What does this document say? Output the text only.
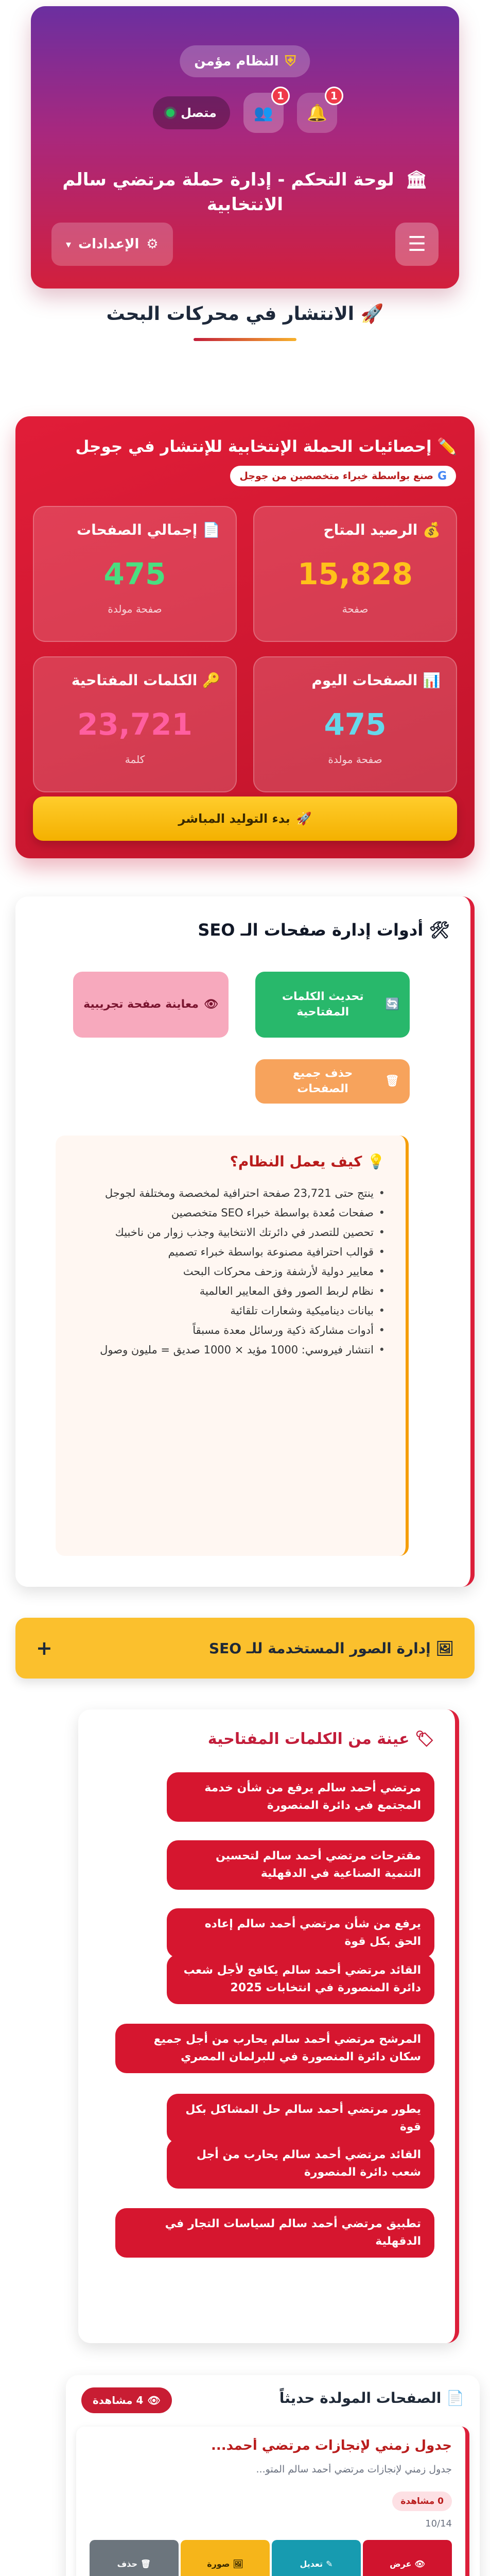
⛨
النظام مؤمن
🔔
1
👥
1
متصل
🏛 لوحة التحكم - إدارة حملة مرتضي سالم الانتخابية
⚙
الإعدادات
▾	☰
🚀 الانتشار في محركات البحث
✏️ إحصائيات الحملة الإنتخابية للإنتشار في جوجل
G
صنع بواسطة خبراء متخصصين من جوجل
💰 الرصيد المتاح
15,828
صفحة
📄 إجمالي الصفحات
475
صفحة مولدة
📊 الصفحات اليوم
475
صفحة مولدة
🔑 الكلمات المفتاحية
23,721
كلمة
🚀
بدء التوليد المباشر
🛠 أدوات إدارة صفحات الـ SEO
🔄
تحديث الكلمات المفتاحية
👁
معاينة صفحة تجريبية
🗑
حذف جميع الصفحات
💡 كيف يعمل النظام؟
• ينتج حتى 23,721 صفحة احترافية لمخصصة ومختلفة لجوجل
• صفحات مُعدة بواسطة خبراء SEO متخصصين
• تحصين للتصدر في دائرتك الانتخابية وجذب زوار من ناخبيك
• قوالب احترافية مصنوعة بواسطة خبراء تصميم
• معايير دولية لأرشفة وزحف محركات البحث
• نظام لربط الصور وفق المعايير العالمية
• بيانات ديناميكية وشعارات تلقائية
• أدوات مشاركة ذكية ورسائل معدة مسبقاً
• انتشار فيروسي: 1000 مؤيد × 1000 صديق = مليون وصول
🖼 إدارة الصور المستخدمة للـ SEO
+
🏷 عينة من الكلمات المفتاحية
مرتضي أحمد سالم يرفع من شأن خدمة المجتمع في دائرة المنصورة
مقترحات مرتضي أحمد سالم لتحسين التنمية الصناعية في الدقهلية
يرفع من شأن مرتضي أحمد سالم إعاده الحق بكل قوة
القائد مرتضي أحمد سالم يكافح لأجل شعب دائرة المنصورة في انتخابات 2025
المرشح مرتضي أحمد سالم يحارب من أجل جميع سكان دائرة المنصورة في للبرلمان المصري
يطور مرتضي أحمد سالم حل المشاكل بكل قوة
القائد مرتضي أحمد سالم يحارب من أجل شعب دائرة المنصورة
تطبيق مرتضي أحمد سالم لسياسات التجار في الدقهلية
📄 الصفحات المولدة حديثاً
👁
4 مشاهدة
جدول زمني لإنجازات مرتضي أحمد...
جدول زمني لإنجازات مرتضي أحمد سالم المتو...
0 مشاهدة
10/14
👁
عرض
✎
تعديل
🖼
صورة
🗑
حذف
